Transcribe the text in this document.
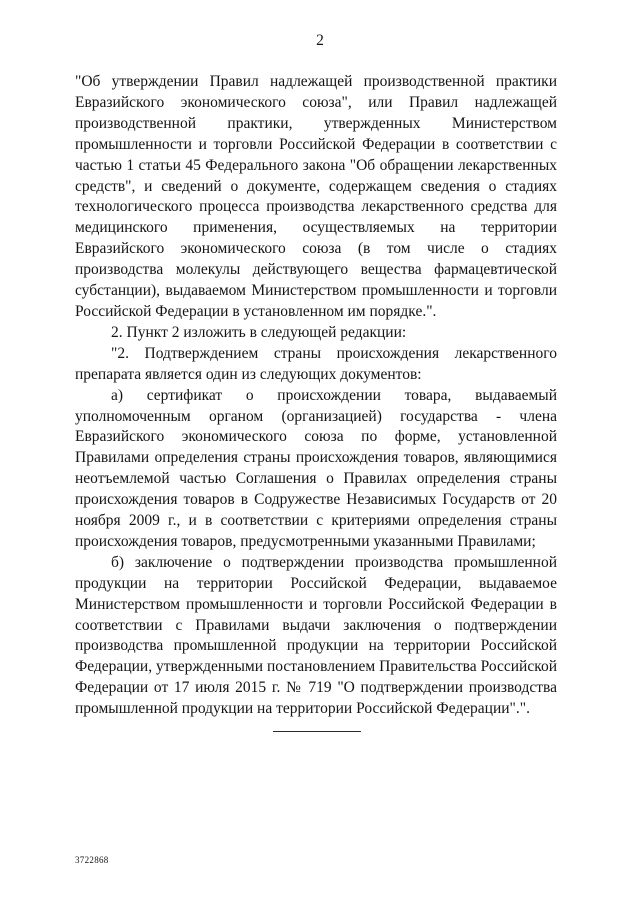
2

"Об утверждении Правил надлежащей производственной практики Евразийского экономического союза", или Правил надлежащей производственной практики, утвержденных Министерством промышленности и торговли Российской Федерации в соответствии с частью 1 статьи 45 Федерального закона "Об обращении лекарственных средств", и сведений о документе, содержащем сведения о стадиях технологического процесса производства лекарственного средства для медицинского применения, осуществляемых на территории Евразийского экономического союза (в том числе о стадиях производства молекулы действующего вещества фармацевтической субстанции), выдаваемом Министерством промышленности и торговли Российской Федерации в установленном им порядке.".

2. Пункт 2 изложить в следующей редакции:

"2. Подтверждением страны происхождения лекарственного препарата является один из следующих документов:

а) сертификат о происхождении товара, выдаваемый уполномоченным органом (организацией) государства - члена Евразийского экономического союза по форме, установленной Правилами определения страны происхождения товаров, являющимися неотъемлемой частью Соглашения о Правилах определения страны происхождения товаров в Содружестве Независимых Государств от 20 ноября 2009 г., и в соответствии с критериями определения страны происхождения товаров, предусмотренными указанными Правилами;

б) заключение о подтверждении производства промышленной продукции на территории Российской Федерации, выдаваемое Министерством промышленности и торговли Российской Федерации в соответствии с Правилами выдачи заключения о подтверждении производства промышленной продукции на территории Российской Федерации, утвержденными постановлением Правительства Российской Федерации от 17 июля 2015 г. № 719 "О подтверждении производства промышленной продукции на территории Российской Федерации".".

3722868
